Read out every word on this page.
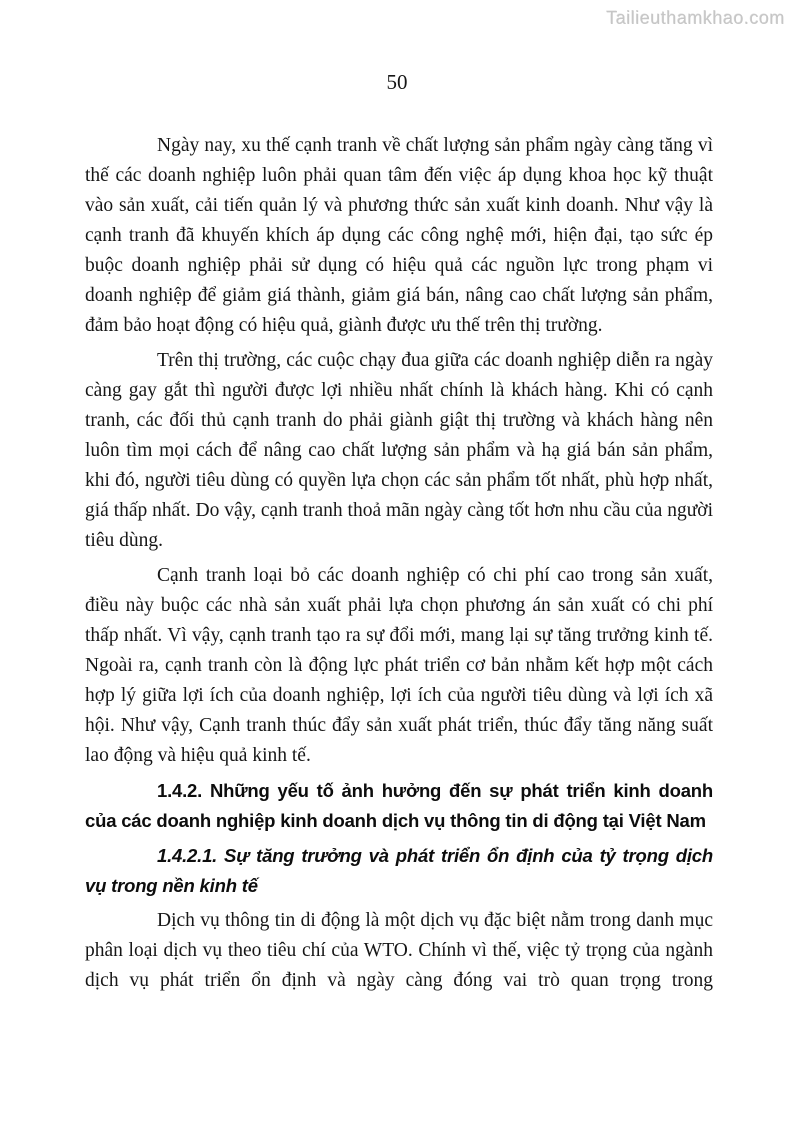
Tailieuthamkhao.com
50

Ngày nay, xu thế cạnh tranh về chất lượng sản phẩm ngày càng tăng vì thế các doanh nghiệp luôn phải quan tâm đến việc áp dụng khoa học kỹ thuật vào sản xuất, cải tiến quản lý và phương thức sản xuất kinh doanh. Như vậy là cạnh tranh đã khuyến khích áp dụng các công nghệ mới, hiện đại, tạo sức ép buộc doanh nghiệp phải sử dụng có hiệu quả các nguồn lực trong phạm vi doanh nghiệp để giảm giá thành, giảm giá bán, nâng cao chất lượng sản phẩm, đảm bảo hoạt động có hiệu quả, giành được ưu thế trên thị trường.

Trên thị trường, các cuộc chạy đua giữa các doanh nghiệp diễn ra ngày càng gay gắt thì người được lợi nhiều nhất chính là khách hàng. Khi có cạnh tranh, các đối thủ cạnh tranh do phải giành giật thị trường và khách hàng nên luôn tìm mọi cách để nâng cao chất lượng sản phẩm và hạ giá bán sản phẩm, khi đó, người tiêu dùng có quyền lựa chọn các sản phẩm tốt nhất, phù hợp nhất, giá thấp nhất. Do vậy, cạnh tranh thoả mãn ngày càng tốt hơn nhu cầu của người tiêu dùng.

Cạnh tranh loại bỏ các doanh nghiệp có chi phí cao trong sản xuất, điều này buộc các nhà sản xuất phải lựa chọn phương án sản xuất có chi phí thấp nhất. Vì vậy, cạnh tranh tạo ra sự đổi mới, mang lại sự tăng trưởng kinh tế. Ngoài ra, cạnh tranh còn là động lực phát triển cơ bản nhằm kết hợp một cách hợp lý giữa lợi ích của doanh nghiệp, lợi ích của người tiêu dùng và lợi ích xã hội. Như vậy, Cạnh tranh thúc đẩy sản xuất phát triển, thúc đẩy tăng năng suất lao động và hiệu quả kinh tế.

1.4.2. Những yếu tố ảnh hưởng đến sự phát triển kinh doanh của các doanh nghiệp kinh doanh dịch vụ thông tin di động tại Việt Nam
1.4.2.1. Sự tăng trưởng và phát triển ổn định của tỷ trọng dịch vụ trong nền kinh tế

Dịch vụ thông tin di động là một dịch vụ đặc biệt nằm trong danh mục phân loại dịch vụ theo tiêu chí của WTO. Chính vì thế, việc tỷ trọng của ngành dịch vụ phát triển ổn định và ngày càng đóng vai trò quan trọng trong
